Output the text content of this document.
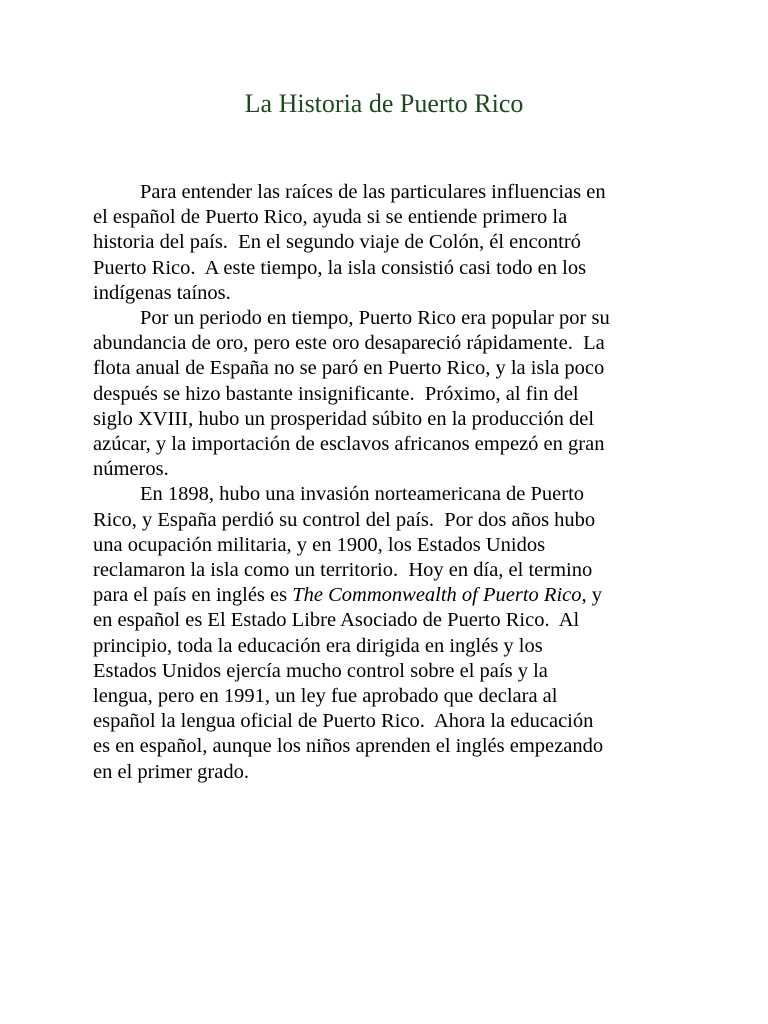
La Historia de Puerto Rico
Para entender las raíces de las particulares influencias en
el español de Puerto Rico, ayuda si se entiende primero la
historia del país.  En el segundo viaje de Colón, él encontró
Puerto Rico.  A este tiempo, la isla consistió casi todo en los
indígenas taínos.
Por un periodo en tiempo, Puerto Rico era popular por su
abundancia de oro, pero este oro desapareció rápidamente.  La
flota anual de España no se paró en Puerto Rico, y la isla poco
después se hizo bastante insignificante.  Próximo, al fin del
siglo XVIII, hubo un prosperidad súbito en la producción del
azúcar, y la importación de esclavos africanos empezó en gran
números.
En 1898, hubo una invasión norteamericana de Puerto
Rico, y España perdió su control del país.  Por dos años hubo
una ocupación militaria, y en 1900, los Estados Unidos
reclamaron la isla como un territorio.  Hoy en día, el termino
para el país en inglés es The Commonwealth of Puerto Rico, y
en español es El Estado Libre Asociado de Puerto Rico.  Al
principio, toda la educación era dirigida en inglés y los
Estados Unidos ejercía mucho control sobre el país y la
lengua, pero en 1991, un ley fue aprobado que declara al
español la lengua oficial de Puerto Rico.  Ahora la educación
es en español, aunque los niños aprenden el inglés empezando
en el primer grado.
